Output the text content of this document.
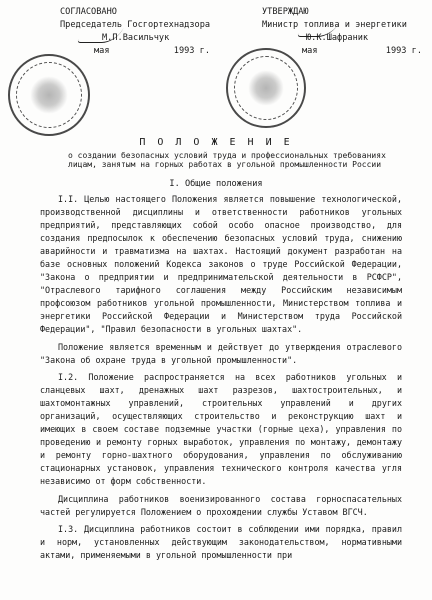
СОГЛАСОВАНО
Председатель Госгортехнадзора
М.П.Васильчук
мая	1993 г.
УТВЕРЖДАЮ
Министр топлива и энергетики
Ю.К.Шафраник
мая	1993 г.
П О Л О Ж Е Н И Е
о создании безопасных условий труда и профессиональных требованиях лицам, занятым на горных работах в угольной промышленности России
I. Общие положения

I.I. Целью настоящего Положения является повышение технологической, производственной дисциплины и ответственности работников угольных предприятий, представляющих собой особо опасное производство, для создания предпосылок к обеспечению безопасных условий труда, снижению аварийности и травматизма на шахтах. Настоящий документ разработан на базе основных положений Кодекса законов о труде Российской Федерации, "Закона о предприятии и предпринимательской деятельности в РСФСР", "Отраслевого тарифного соглашения между Российским независимым профсоюзом работников угольной промышленности, Министерством топлива и энергетики Российской Федерации и Министерством труда Российской Федерации", "Правил безопасности в угольных шахтах".

Положение является временным и действует до утверждения отраслевого "Закона об охране труда в угольной промышленности".

I.2. Положение распространяется на всех работников угольных и сланцевых шахт, дренажных шахт разрезов, шахтостроительных, и шахтомонтажных управлений, строительных управлений и других организаций, осуществляющих строительство и реконструкцию шахт и имеющих в своем составе подземные участки (горные цеха), управления по проведению и ремонту горных выработок, управления по монтажу, демонтажу и ремонту горно-шахтного оборудования, управления по обслуживанию стационарных установок, управления технического контроля качества угля независимо от форм собственности.

Дисциплина работников военизированного состава горноспасательных частей регулируется Положением о прохождении службы Уставом ВГСЧ.

I.3. Дисциплина работников состоит в соблюдении ими порядка, правил и норм, установленных действующим законодательством, нормативными актами, применяемыми в угольной промышленности при
